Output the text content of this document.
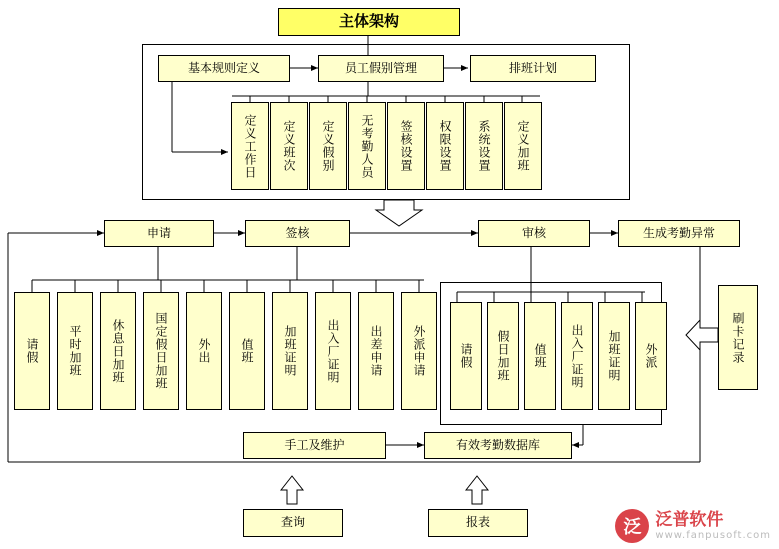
主体架构
基本规则定义	员工假别管理	排班计划
定义工作日	定义班次	定义假别	无考勤人员	签核设置	权限设置	系统设置	定义加班
申请	签核	审核	生成考勤异常
请假	平时加班	休息日加班	国定假日加班	外出	值班	加班证明	出入厂证明	出差申请	外派申请	请假	假日加班	值班	出入厂证明	加班证明	外派	刷卡记录
手工及维护	有效考勤数据库
查询	报表	泛 泛普软件
www.fanpusoft.com
